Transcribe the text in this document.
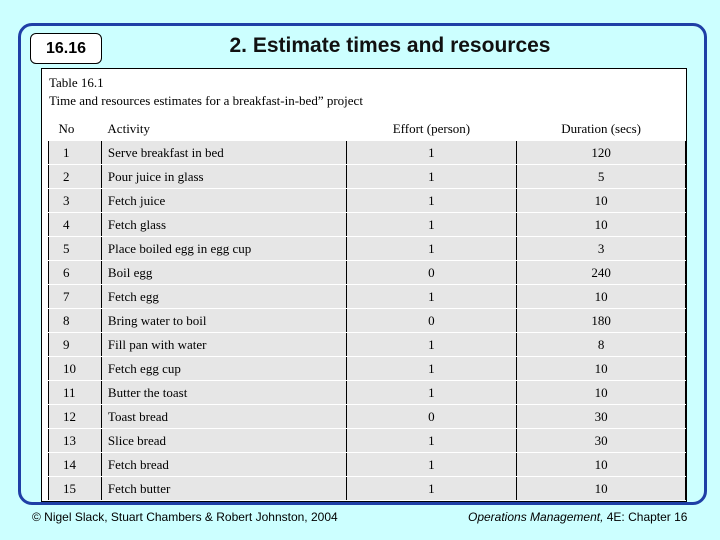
16.16	2. Estimate times and resources
Table 16.1
Time and resources estimates for a breakfast-in-bed” project
No	Activity	Effort (person)	Duration (secs)
1	Serve breakfast in bed	1	120
2	Pour juice in glass	1	5
3	Fetch juice	1	10
4	Fetch glass	1	10
5	Place boiled egg in egg cup	1	3
6	Boil egg	0	240
7	Fetch egg	1	10
8	Bring water to boil	0	180
9	Fill pan with water	1	8
10	Fetch egg cup	1	10
11	Butter the toast	1	10
12	Toast bread	0	30
13	Slice bread	1	30
14	Fetch bread	1	10
15	Fetch butter	1	10
© Nigel Slack, Stuart Chambers & Robert Johnston, 2004	Operations Management, 4E: Chapter 16
